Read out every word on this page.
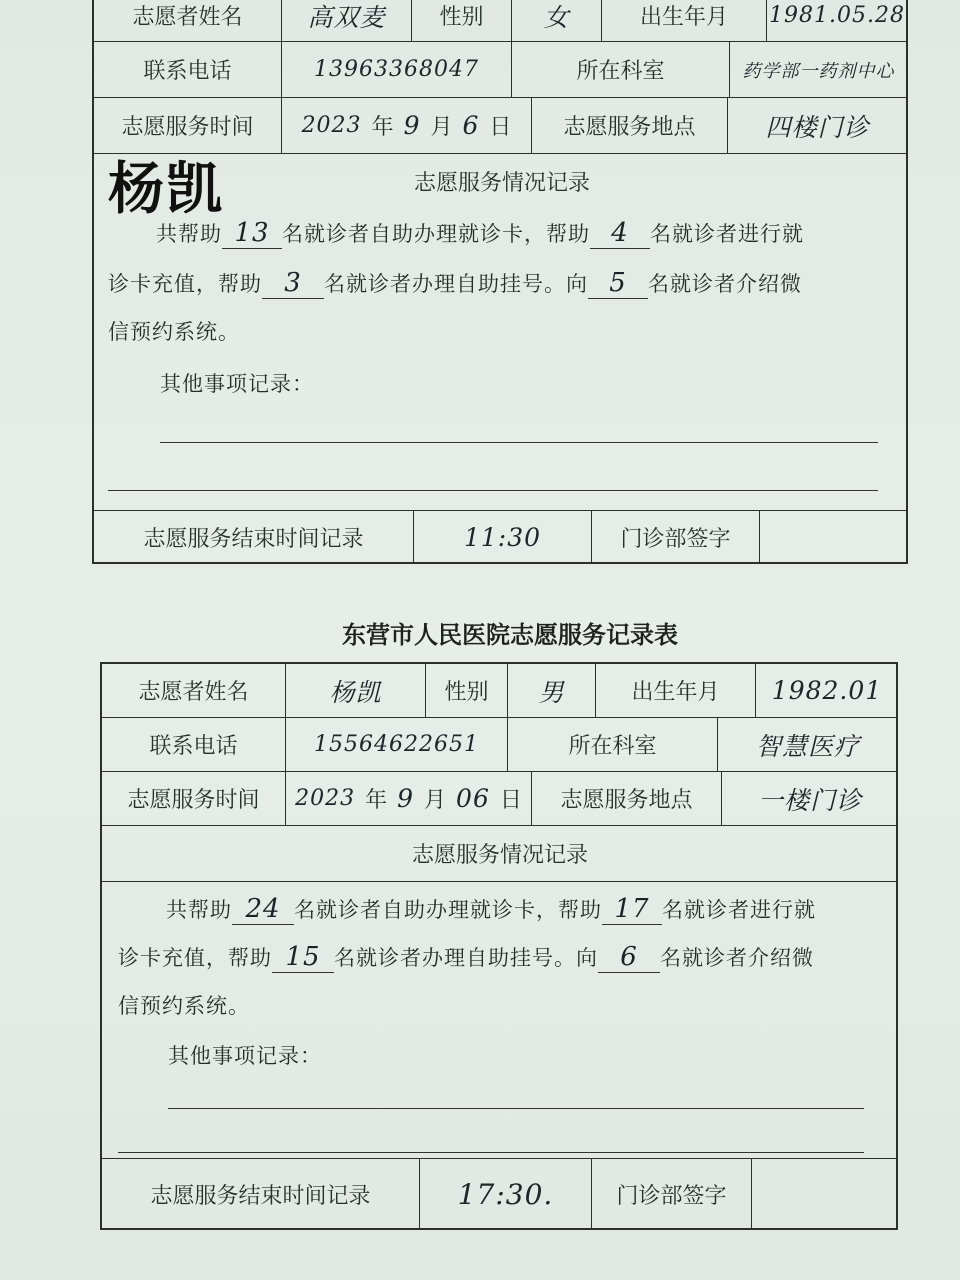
志愿者姓名	高双麦	性别	女	出生年月	1981.05.28
联系电话	13963368047	所在科室	药学部一药剂中心
志愿服务时间	2023 年 9 月 6 日	志愿服务地点	四楼门诊
志愿服务情况记录
共帮助 13 名就诊者自助办理就诊卡，帮助 4 名就诊者进行就
诊卡充值，帮助 3 名就诊者办理自助挂号。向 5 名就诊者介绍微
信预约系统。
其他事项记录：
志愿服务结束时间记录	11:30	门诊部签字
杨凯
东营市人民医院志愿服务记录表
志愿者姓名	杨凯	性别	男	出生年月	1982.01
联系电话	15564622651	所在科室	智慧医疗
志愿服务时间	2023 年 9 月 06 日	志愿服务地点	一楼门诊
志愿服务情况记录
共帮助 24 名就诊者自助办理就诊卡，帮助 17 名就诊者进行就
诊卡充值，帮助 15 名就诊者办理自助挂号。向 6 名就诊者介绍微
信预约系统。
其他事项记录：
志愿服务结束时间记录	17:30.	门诊部签字
